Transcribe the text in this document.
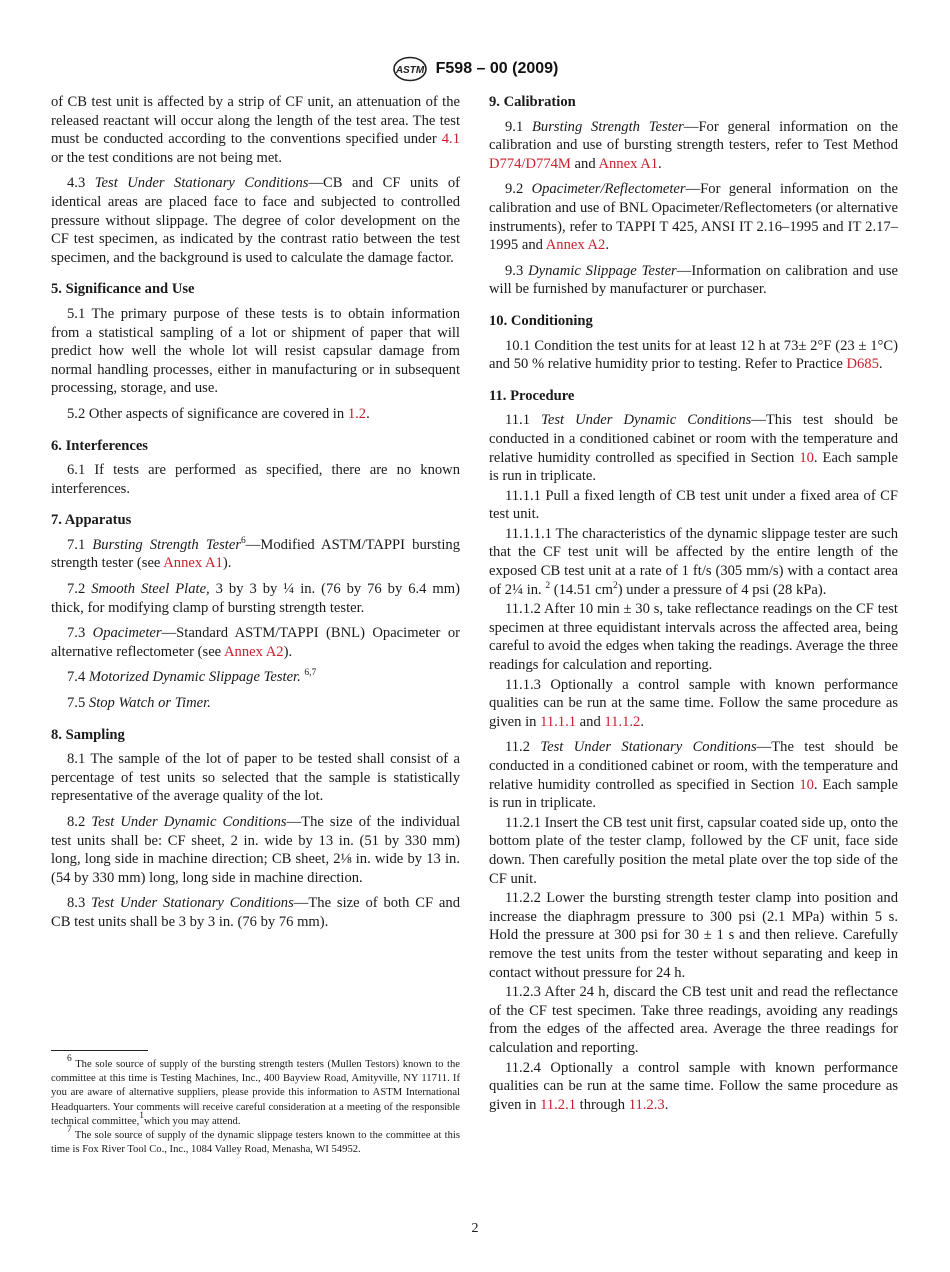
ASTM F598 – 00 (2009)

of CB test unit is affected by a strip of CF unit, an attenuation of the released reactant will occur along the length of the test area. The test must be conducted according to the conventions specified under 4.1 or the test conditions are not being met.

4.3 Test Under Stationary Conditions—CB and CF units of identical areas are placed face to face and subjected to controlled pressure without slippage. The degree of color development on the CF test specimen, as indicated by the contrast ratio between the test specimen, and the background is used to calculate the damage factor.

5. Significance and Use

5.1 The primary purpose of these tests is to obtain information from a statistical sampling of a lot or shipment of paper that will predict how well the whole lot will resist capsular damage from normal handling processes, either in manufacturing or in subsequent processing, storage, and use.

5.2 Other aspects of significance are covered in 1.2.

6. Interferences

6.1 If tests are performed as specified, there are no known interferences.

7. Apparatus

7.1 Bursting Strength Tester$^6$—Modified ASTM/TAPPI bursting strength tester (see Annex A1).

7.2 Smooth Steel Plate, 3 by 3 by ¼ in. (76 by 76 by 6.4 mm) thick, for modifying clamp of bursting strength tester.

7.3 Opacimeter—Standard ASTM/TAPPI (BNL) Opacimeter or alternative reflectometer (see Annex A2).

7.4 Motorized Dynamic Slippage Tester. $^{6,7}$

7.5 Stop Watch or Timer.

8. Sampling

8.1 The sample of the lot of paper to be tested shall consist of a percentage of test units so selected that the sample is statistically representative of the average quality of the lot.

8.2 Test Under Dynamic Conditions—The size of the individual test units shall be: CF sheet, 2 in. wide by 13 in. (51 by 330 mm) long, long side in machine direction; CB sheet, 2⅛ in. wide by 13 in. (54 by 330 mm) long, long side in machine direction.

8.3 Test Under Stationary Conditions—The size of both CF and CB test units shall be 3 by 3 in. (76 by 76 mm).

$^6$ The sole source of supply of the bursting strength testers (Mullen Testors) known to the committee at this time is Testing Machines, Inc., 400 Bayview Road, Amityville, NY 11711. If you are aware of alternative suppliers, please provide this information to ASTM International Headquarters. Your comments will receive careful consideration at a meeting of the responsible technical committee,$^1$which you may attend.

$^7$ The sole source of supply of the dynamic slippage testers known to the committee at this time is Fox River Tool Co., Inc., 1084 Valley Road, Menasha, WI 54952.

9. Calibration

9.1 Bursting Strength Tester—For general information on the calibration and use of bursting strength testers, refer to Test Method D774/D774M and Annex A1.

9.2 Opacimeter/Reflectometer—For general information on the calibration and use of BNL Opacimeter/Reflectometers (or alternative instruments), refer to TAPPI T 425, ANSI IT 2.16–1995 and IT 2.17–1995 and Annex A2.

9.3 Dynamic Slippage Tester—Information on calibration and use will be furnished by manufacturer or purchaser.

10. Conditioning

10.1 Condition the test units for at least 12 h at 73± 2°F (23 ± 1°C) and 50 % relative humidity prior to testing. Refer to Practice D685.

11. Procedure

11.1 Test Under Dynamic Conditions—This test should be conducted in a conditioned cabinet or room with the temperature and relative humidity controlled as specified in Section 10. Each sample is run in triplicate.

11.1.1 Pull a fixed length of CB test unit under a fixed area of CF test unit.

11.1.1.1 The characteristics of the dynamic slippage tester are such that the CF test unit will be affected by the entire length of the exposed CB test unit at a rate of 1 ft/s (305 mm/s) with a contact area of 2¼ in. $^2$ (14.51 $cm^2$) under a pressure of 4 psi (28 kPa).

11.1.2 After 10 min ± 30 s, take reflectance readings on the CF test specimen at three equidistant intervals across the affected area, being careful to avoid the edges when taking the readings. Average the three readings for calculation and reporting.

11.1.3 Optionally a control sample with known performance qualities can be run at the same time. Follow the same procedure as given in 11.1.1 and 11.1.2.

11.2 Test Under Stationary Conditions—The test should be conducted in a conditioned cabinet or room, with the temperature and relative humidity controlled as specified in Section 10. Each sample is run in triplicate.

11.2.1 Insert the CB test unit first, capsular coated side up, onto the bottom plate of the tester clamp, followed by the CF unit, face side down. Then carefully position the metal plate over the top side of the CF unit.

11.2.2 Lower the bursting strength tester clamp into position and increase the diaphragm pressure to 300 psi (2.1 MPa) within 5 s. Hold the pressure at 300 psi for 30 ± 1 s and then relieve. Carefully remove the test units from the tester without separating and keep in contact without pressure for 24 h.

11.2.3 After 24 h, discard the CB test unit and read the reflectance of the CF test specimen. Take three readings, avoiding any readings from the edges of the affected area. Average the three readings for calculation and reporting.

11.2.4 Optionally a control sample with known performance qualities can be run at the same time. Follow the same procedure as given in 11.2.1 through 11.2.3.

2
